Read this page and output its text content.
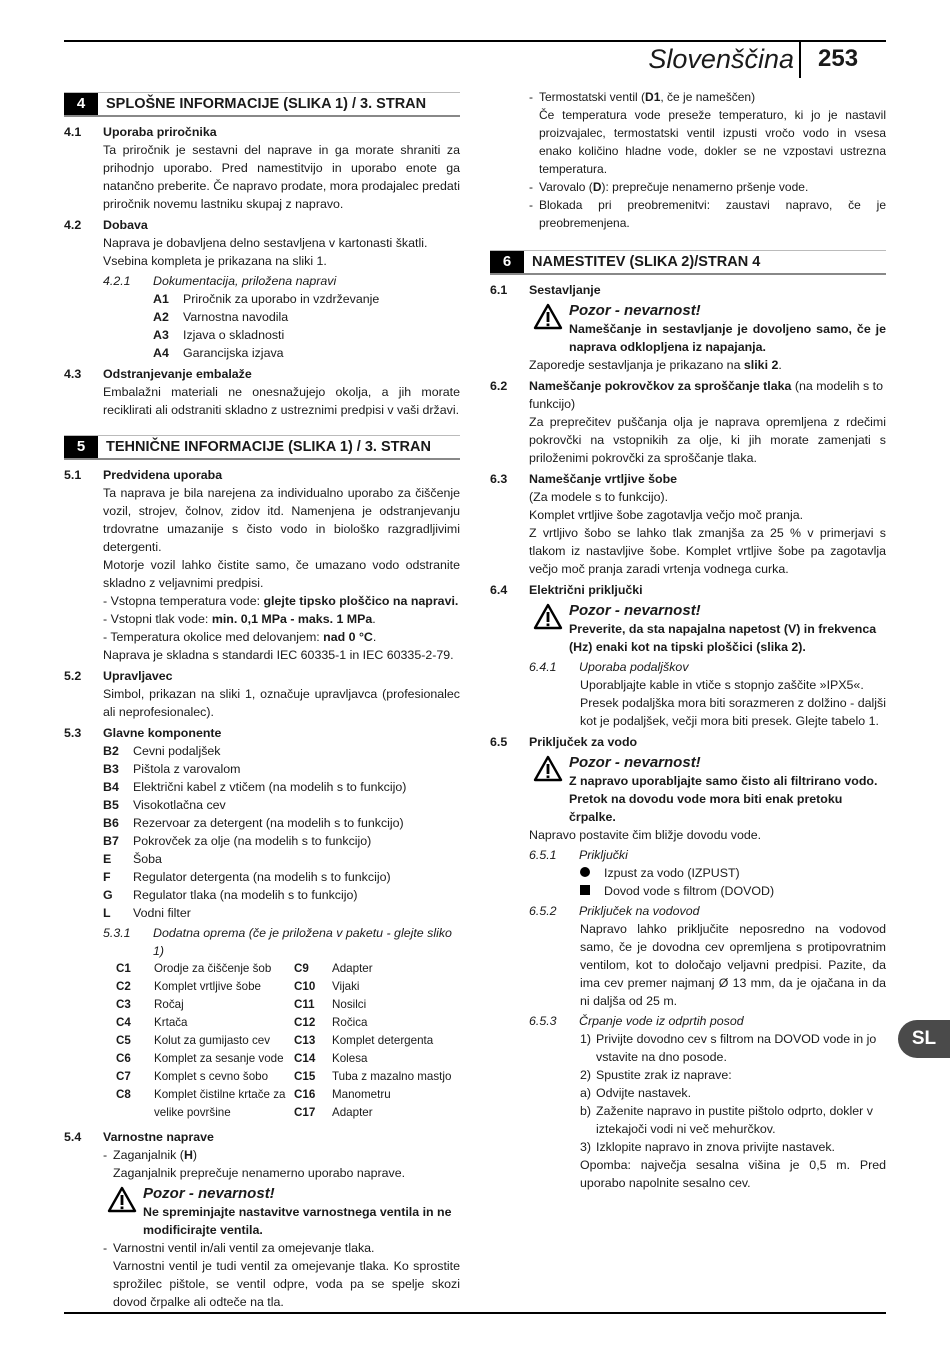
Slovenščina 253
4	SPLOŠNE INFORMACIJE (SLIKA 1) / 3. STRAN
4.1	Uporaba priročnika

Ta priročnik je sestavni del naprave in ga morate shraniti za prihodnjo uporabo. Pred namestitvijo in uporabo enote ga natančno preberite. Če napravo prodate, mora prodajalec predati priročnik novemu lastniku skupaj z napravo.

4.2	Dobava

Naprava je dobavljena delno sestavljena v kartonasti škatli.

Vsebina kompleta je prikazana na sliki 1.

4.2.1	Dokumentacija, priložena napravi
A1	Priročnik za uporabo in vzdrževanje
A2	Varnostna navodila
A3	Izjava o skladnosti
A4	Garancijska izjava
4.3	Odstranjevanje embalaže

Embalažni materiali ne onesnažujejo okolja, a jih morate reciklirati ali odstraniti skladno z ustreznimi predpisi v vaši državi.

5	TEHNIČNE INFORMACIJE (SLIKA 1) / 3. STRAN
5.1	Predvidena uporaba

Ta naprava je bila narejena za individualno uporabo za čiščenje vozil, strojev, čolnov, zidov itd. Namenjena je odstranjevanju trdovratne umazanije s čisto vodo in biološko razgradljivimi detergenti.

Motorje vozil lahko čistite samo, če umazano vodo odstranite skladno z veljavnimi predpisi.

- Vstopna temperatura vode: glejte tipsko ploščico na napravi.

- Vstopni tlak vode: min. 0,1 MPa - maks. 1 MPa.

- Temperatura okolice med delovanjem: nad 0 °C.

Naprava je skladna s standardi IEC 60335-1 in IEC 60335-2-79.

5.2	Upravljavec

Simbol, prikazan na sliki 1, označuje upravljavca (profesionalec ali neprofesionalec).

5.3	Glavne komponente
B2	Cevni podaljšek
B3	Pištola z varovalom
B4	Električni kabel z vtičem (na modelih s to funkcijo)
B5	Visokotlačna cev
B6	Rezervoar za detergent (na modelih s to funkcijo)
B7	Pokrovček za olje (na modelih s to funkcijo)
E	Šoba
F	Regulator detergenta (na modelih s to funkcijo)
G	Regulator tlaka (na modelih s to funkcijo)
L	Vodni filter
5.3.1	Dodatna oprema (če je priložena v paketu - glejte sliko 1)
C1	Orodje za čiščenje šob
C2	Komplet vrtljive šobe
C3	Ročaj
C4	Krtača
C5	Kolut za gumijasto cev
C6	Komplet za sesanje vode
C7	Komplet s cevno šobo
C8	Komplet čistilne krtače za velike površine
C9	Adapter
C10	Vijaki
C11	Nosilci
C12	Ročica
C13	Komplet detergenta
C14	Kolesa
C15	Tuba z mazalno mastjo
C16	Manometru
C17	Adapter
5.4	Varnostne naprave
- Zaganjalnik (H)
Zaganjalnik preprečuje nenamerno uporabo naprave.
Pozor - nevarnost!
Ne spreminjajte nastavitve varnostnega ventila in ne modificirajte ventila.
- Varnostni ventil in/ali ventil za omejevanje tlaka.
Varnostni ventil je tudi ventil za omejevanje tlaka. Ko sprostite sprožilec pištole, se ventil odpre, voda pa se spelje skozi dovod črpalke ali odteče na tla.
- Termostatski ventil (D1, če je nameščen)
Če temperatura vode preseže temperaturo, ki jo je nastavil proizvajalec, termostatski ventil izpusti vročo vodo in vsesa enako količino hladne vode, dokler se ne vzpostavi ustrezna temperatura.
- Varovalo (D): preprečuje nenamerno pršenje vode.
- Blokada pri preobremenitvi: zaustavi napravo, če je preobremenjena.
6	NAMESTITEV (SLIKA 2)/STRAN 4
6.1	Sestavljanje
Pozor - nevarnost!
Nameščanje in sestavljanje je dovoljeno samo, če je naprava odklopljena iz napajanja.

Zaporedje sestavljanja je prikazano na sliki 2.

6.2	Nameščanje pokrovčkov za sproščanje tlaka (na modelih s to funkcijo)

Za preprečitev puščanja olja je naprava opremljena z rdečimi pokrovčki na vstopnikih za olje, ki jih morate zamenjati s priloženimi pokrovčki za sproščanje tlaka.

6.3	Nameščanje vrtljive šobe

(Za modele s to funkcijo).

Komplet vrtljive šobe zagotavlja večjo moč pranja.

Z vrtljivo šobo se lahko tlak zmanjša za 25 % v primerjavi s tlakom iz nastavljive šobe. Komplet vrtljive šobe pa zagotavlja večjo moč pranja zaradi vrtenja vodnega curka.

6.4	Električni priključki
Pozor - nevarnost!
Preverite, da sta napajalna napetost (V) in frekvenca (Hz) enaki kot na tipski ploščici (slika 2).
6.4.1	Uporaba podaljškov

Uporabljajte kable in vtiče s stopnjo zaščite »IPX5«.

Presek podaljška mora biti sorazmeren z dolžino - daljši kot je podaljšek, večji mora biti presek. Glejte tabelo 1.

6.5	Priključek za vodo
Pozor - nevarnost!
Z napravo uporabljajte samo čisto ali filtrirano vodo. Pretok na dovodu vode mora biti enak pretoku črpalke.

Napravo postavite čim bližje dovodu vode.

6.5.1	Priključki
Izpust za vodo (IZPUST)
Dovod vode s filtrom (DOVOD)
6.5.2	Priključek na vodovod

Napravo lahko priključite neposredno na vodovod samo, če je dovodna cev opremljena s protipovratnim ventilom, kot to določajo veljavni predpisi. Pazite, da ima cev premer najmanj Ø 13 mm, da je ojačana in da ni daljša od 25 m.

6.5.3	Črpanje vode iz odprtih posod
1) Privijte dovodno cev s filtrom na DOVOD vode in jo vstavite na dno posode.
2) Spustite zrak iz naprave:
a) Odvijte nastavek.
b) Zaženite napravo in pustite pištolo odprto, dokler v iztekajoči vodi ni več mehurčkov.
3) Izklopite napravo in znova privijte nastavek.

Opomba: največja sesalna višina je 0,5 m. Pred uporabo napolnite sesalno cev.

SL
